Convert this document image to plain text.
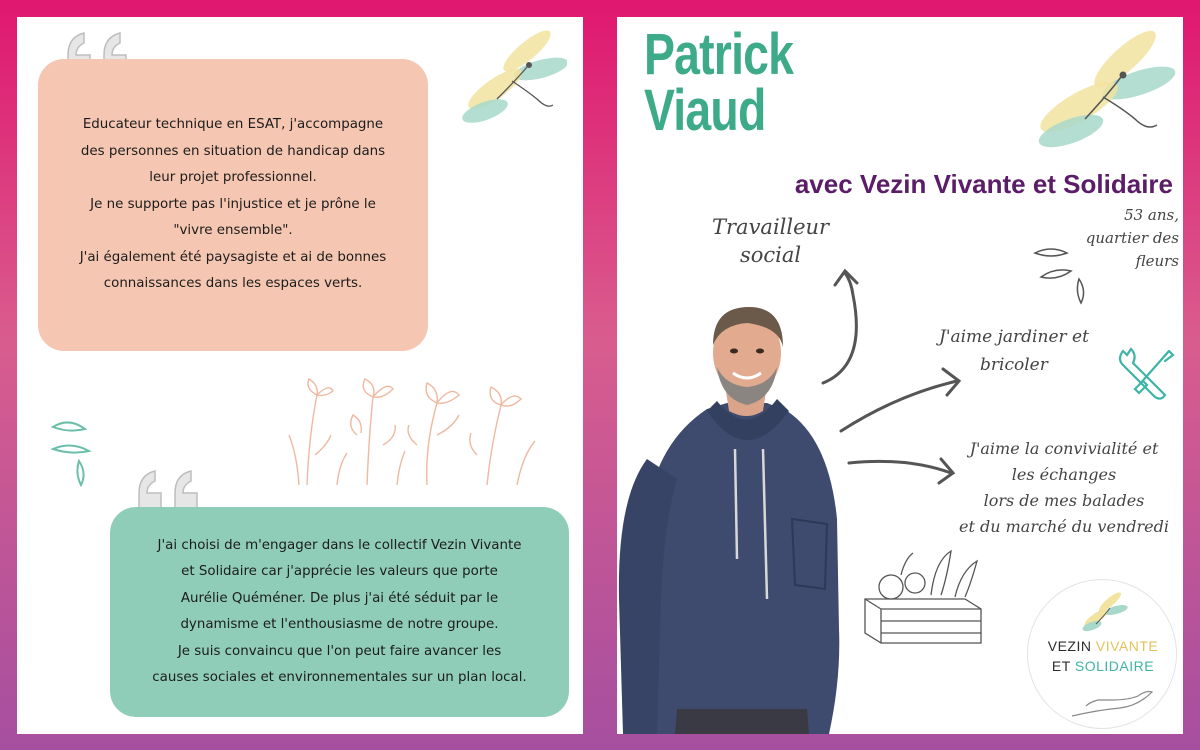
Educateur technique en ESAT, j'accompagne
des personnes en situation de handicap dans
leur projet professionnel.
Je ne supporte pas l'injustice et je prône le
"vivre ensemble".
J'ai également été paysagiste et ai de bonnes
connaissances dans les espaces verts.
J'ai choisi de m'engager dans le collectif Vezin Vivante
et Solidaire car j'apprécie les valeurs que porte
Aurélie Quéméner. De plus j'ai été séduit par le
dynamisme et l'enthousiasme de notre groupe.
Je suis convaincu que l'on peut faire avancer les
causes sociales et environnementales sur un plan local.
Patrick
Viaud
avec Vezin Vivante et Solidaire
Travailleur
social
53 ans,
quartier des
fleurs
J'aime jardiner et
bricoler
J'aime la convivialité et
les échanges
lors de mes balades
et du marché du vendredi
VEZIN VIVANTE
ET SOLIDAIRE
